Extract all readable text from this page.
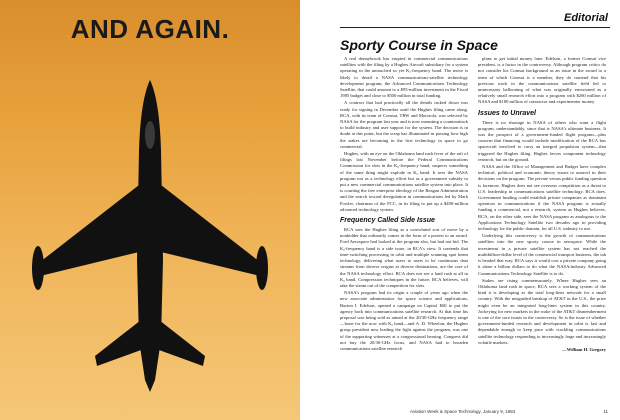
AND AGAIN.	Editorial
Sporty Course in Space

A real donnybrook has erupted in commercial communications satellites with the filing by a Hughes Aircraft subsidiary for a system operating in the untouched so yet Kₐ-frequency band. The move is likely to derail a NASA communications-satellite technology development program, the Advanced Communications Technology Satellite, that could amount to a $95-million investment in the Fiscal 1985 budget and close to $500 million in total funding.

A contract that had practically all the details tacked down was ready for signing in December until the Hughes filing came along. RCA, with its team of Comsat, TRW and Motorola, was selected by NASA for the program last year and is now mounting a counterattack to build industry and user support for the system. The decision is in doubt at this point, but the scrap has illuminated in passing how high the stakes are becoming in the first technology in space to go commercial.

Hughes, with an eye on the Oklahoma land rush fever of the raft of filings last November before the Federal Communications Commission for slots in the Kᵤ-frequency band, suspects something of the same thing might explode in Kₐ band. It sees the NASA program not as a technology effort but as a government subsidy to put a new commercial communications satellite system into place. It is courting the free enterprise ideology of the Reagan Administration and the search toward deregulation in communications led by Mark Fowler, chairman of the FCC, in its filing to put up a $400-million advanced technology system.

Frequency Called Side Issue

RCA sees the Hughes filing as a convoluted sort of move by a nonbidder that ordinarily comes in the form of a protest to an award. Ford Aerospace had looked at the program also, but had not bid. The Kₐ-frequency band is a side issue, in RCA's view. It contends that time-switching processing in orbit and multiple scanning spot beam technology, delivering what users to users to be continuous data streams from diverse origins at diverse destinations, are the core of the NASA technology effort. RCA does not see a land rush at all in Kₐ band. Compression techniques in the future, RCA believes, will take the steam out of the competition for slots.

NASA's program had its origin a couple of years ago when the new associate administrator for space science and applications, Burton I. Edelson, opened a campaign on Capitol Hill to put the agency back into communications satellite research. At that time his proposal was being sold as aimed at the 20/30-GHz frequency range—bone for the now with Kₐ band—and A. D. Wheelon, the Hughes group president now leading the fight against the program, was one of the supporting witnesses at a congressional hearing. Congress did not buy the 20/30-GHz focus, and NASA had to broaden communications satellite research

plans to get initial money later. Edelson, a former Comsat vice president, is a factor in the controversy. Although program critics do not consider his Comsat background as an issue in the award to a team of which Comsat is a member, they do contend that his previous work in the communications satellite field led to unnecessary ballooning of what was originally envisioned as a relatively small research effort into a program with $260 million of NASA and $180 million of contractor and experimenter money.

Issues to Unravel

There is no shortage in NASA of others who want a flight program, understandably, since that is NASA's ultimate business. It was the prospect of a government-funded flight program—plus concern that financing would include modification of the RCA bus spacecraft involved to carry an integral propulsion system—that triggered the Hughes filing. Hughes favors component technology research, but on the ground.

NASA and the Office of Management and Budget have complex technical, political and economic theory issues to unravel in their decisions on the program. The private versus public funding question is foremost. Hughes does not see overseas competition as a threat to U.S. leadership in communications satellite technology. RCA does. Government funding could establish private companies as dominant operators in communications if the NASA program is actually funding a commercial, not a research, system as Hughes believes. RCA, on the other side, sees the NASA program as analogous to the Applications Technology Satellite two decades ago in providing technology for the public domain, for all U.S. industry to use.

Underlying this controversy is the growth of communications satellites into the new sporty course in aerospace. While the investment in a private satellite system has not reached the multibillion-dollar level of the commercial transport business, the tab is headed that way. RCA says it would cost a private company going it alone a billion dollars to do what the NASA/industry Advanced Communications Technology Satellite is to do.

Stakes are rising commensurately. Where Hughes sees an Oklahoma land rush in space, RCA sees a working system of the kind it is developing as the total long-lines network for a small country. With the misguided breakup of AT&T in the U.S., the prize might even be an integrated long-lines system in this country. Jockeying for new markets in the wake of the AT&T dismemberment is one of the core issues in the controversy. So is the issue of whether government-funded research and development in orbit is fast and dependable enough to keep pace with crackling communications satellite technology responding to increasingly large and increasingly volatile markets.

—William H. Gregory
Aviation Week & Space Technology, January 9, 1984	11
